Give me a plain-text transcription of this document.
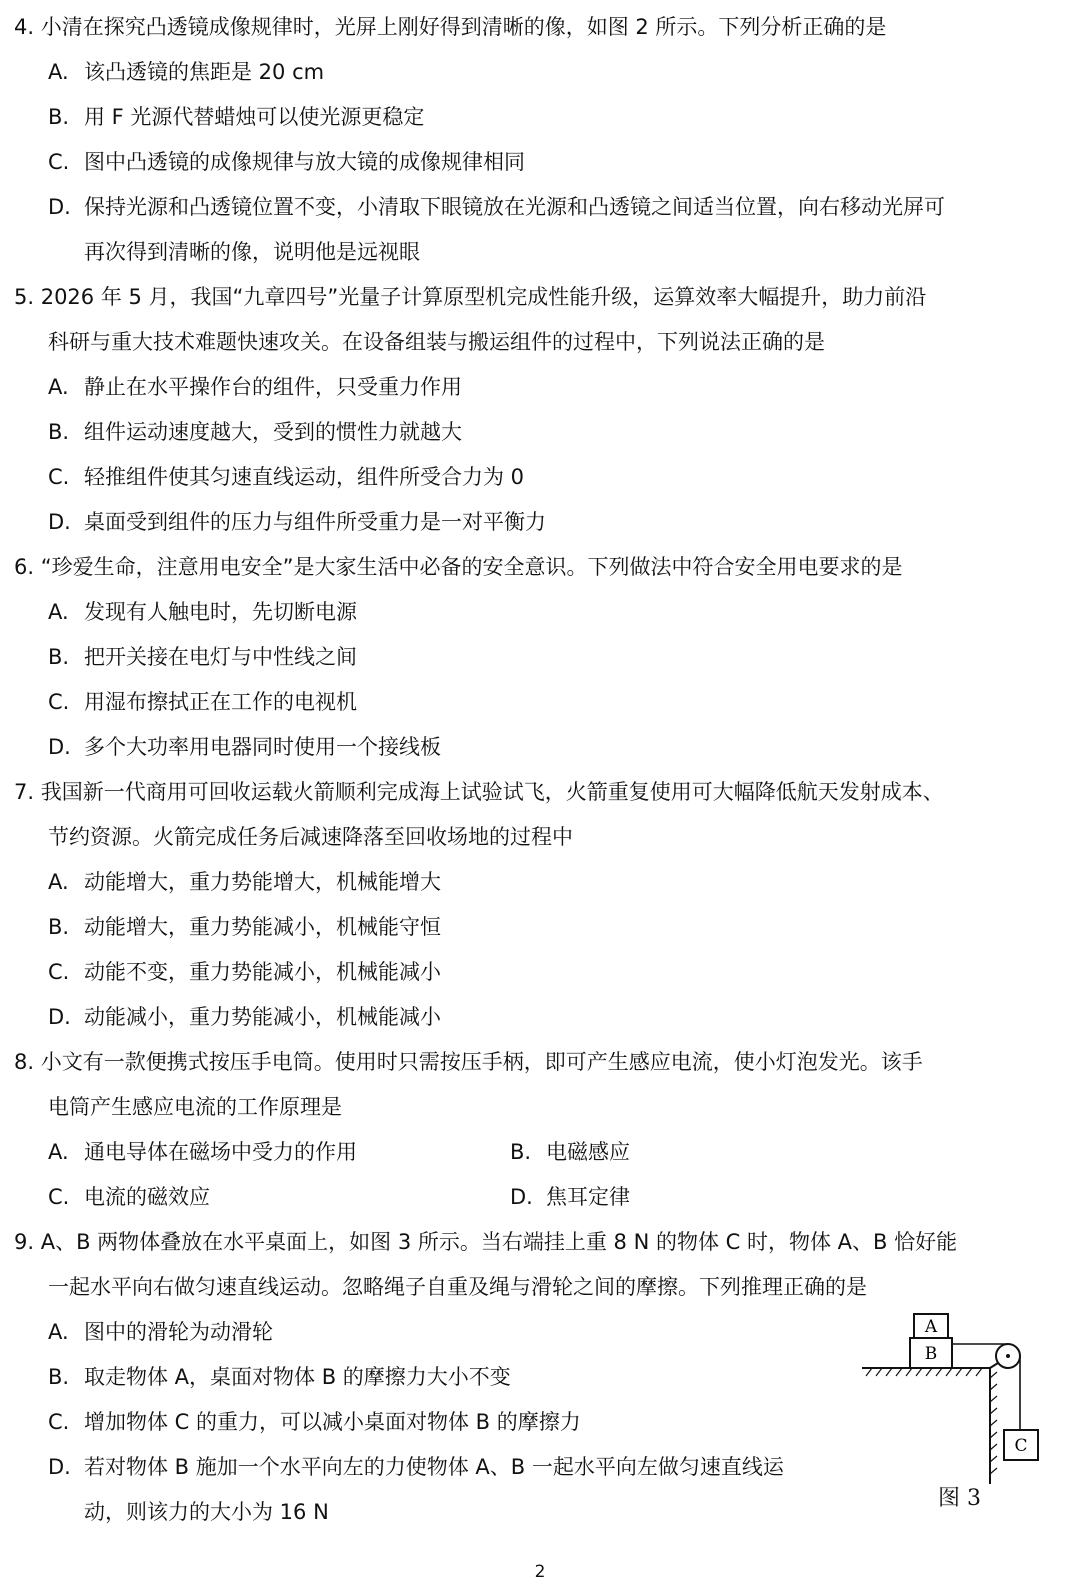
4. 小清在探究凸透镜成像规律时，光屏上刚好得到清晰的像，如图 2 所示。下列分析正确的是
A. 该凸透镜的焦距是 20 cm
B. 用 F 光源代替蜡烛可以使光源更稳定
C. 图中凸透镜的成像规律与放大镜的成像规律相同
D. 保持光源和凸透镜位置不变，小清取下眼镜放在光源和凸透镜之间适当位置，向右移动光屏可
再次得到清晰的像，说明他是远视眼
5. 2026 年 5 月，我国“九章四号”光量子计算原型机完成性能升级，运算效率大幅提升，助力前沿
科研与重大技术难题快速攻关。在设备组装与搬运组件的过程中，下列说法正确的是
A. 静止在水平操作台的组件，只受重力作用
B. 组件运动速度越大，受到的惯性力就越大
C. 轻推组件使其匀速直线运动，组件所受合力为 0
D. 桌面受到组件的压力与组件所受重力是一对平衡力
6. “珍爱生命，注意用电安全”是大家生活中必备的安全意识。下列做法中符合安全用电要求的是
A. 发现有人触电时，先切断电源
B. 把开关接在电灯与中性线之间
C. 用湿布擦拭正在工作的电视机
D. 多个大功率用电器同时使用一个接线板
7. 我国新一代商用可回收运载火箭顺利完成海上试验试飞，火箭重复使用可大幅降低航天发射成本、
节约资源。火箭完成任务后减速降落至回收场地的过程中
A. 动能增大，重力势能增大，机械能增大
B. 动能增大，重力势能减小，机械能守恒
C. 动能不变，重力势能减小，机械能减小
D. 动能减小，重力势能减小，机械能减小
8. 小文有一款便携式按压手电筒。使用时只需按压手柄，即可产生感应电流，使小灯泡发光。该手
电筒产生感应电流的工作原理是
A. 通电导体在磁场中受力的作用	B. 电磁感应
C. 电流的磁效应	D. 焦耳定律
9. A、B 两物体叠放在水平桌面上，如图 3 所示。当右端挂上重 8 N 的物体 C 时，物体 A、B 恰好能
一起水平向右做匀速直线运动。忽略绳子自重及绳与滑轮之间的摩擦。下列推理正确的是
A. 图中的滑轮为动滑轮
B. 取走物体 A，桌面对物体 B 的摩擦力大小不变
C. 增加物体 C 的重力，可以减小桌面对物体 B 的摩擦力
D. 若对物体 B 施加一个水平向左的力使物体 A、B 一起水平向左做匀速直线运
动，则该力的大小为 16 N
B
A
C
图 3
2
